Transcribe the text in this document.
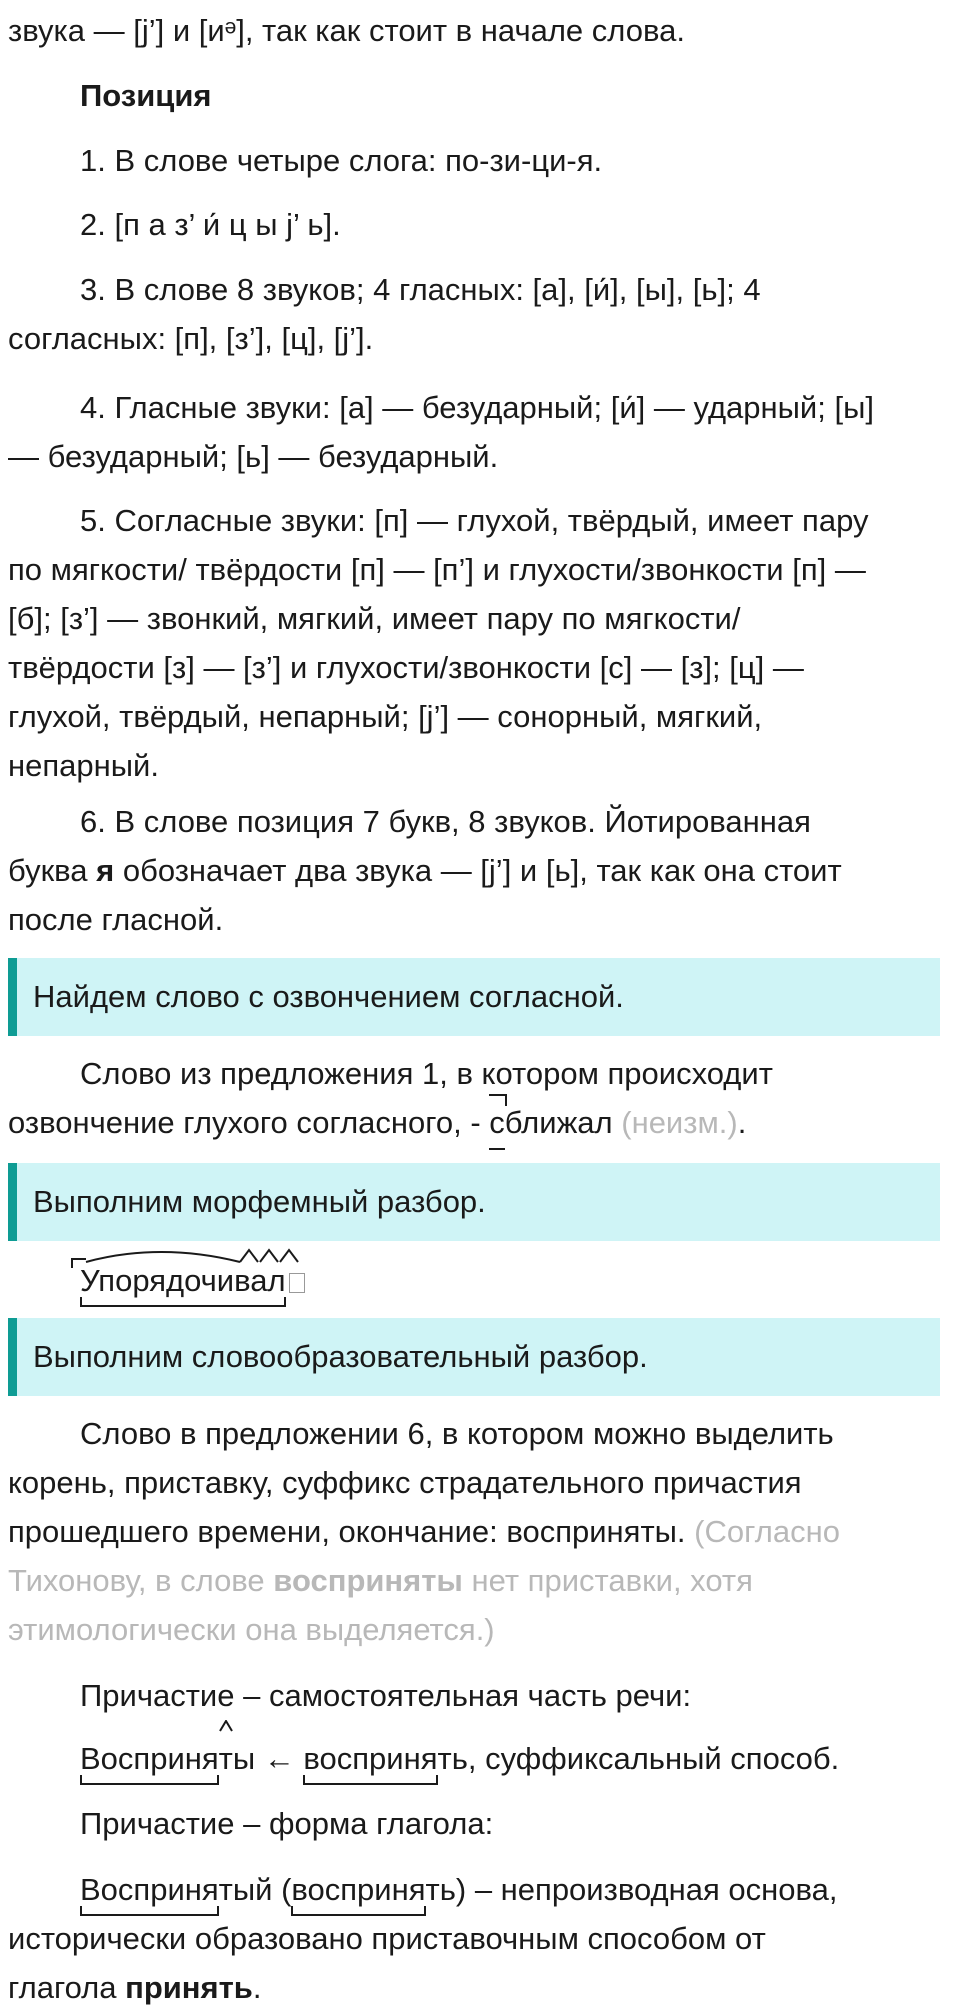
звука — [j’] и [иᵊ], так как стоит в начале слова.

Позиция

1. В слове четыре слога: по-зи-ци-я.

2. [п а з’ и́ ц ы j’ ь].

3. В слове 8 звуков; 4 гласных: [а], [и́], [ы], [ь]; 4

согласных: [п], [з’], [ц], [j’].

4. Гласные звуки: [а] — безударный; [и́] — ударный; [ы]

— безударный; [ь] — безударный.

5. Согласные звуки: [п] — глухой, твёрдый, имеет пару

по мягкости/ твёрдости [п] — [п’] и глухости/звонкости [п] —

[б]; [з’] — звонкий, мягкий, имеет пару по мягкости/

твёрдости [з] — [з’] и глухости/звонкости [с] — [з]; [ц] —

глухой, твёрдый, непарный; [j’] — сонорный, мягкий,

непарный.

6. В слове позиция 7 букв, 8 звуков. Йотированная

буква я обозначает два звука — [j’] и [ь], так как она стоит

после гласной.

Найдем слово с озвончением согласной.

Слово из предложения 1, в котором происходит

озвончение глухого согласного, - сближал (неизм.).

Выполним морфемный разбор.

Упорядочивал

Выполним словообразовательный разбор.

Слово в предложении 6, в котором можно выделить

корень, приставку, суффикс страдательного причастия

прошедшего времени, окончание: восприняты. (Согласно

Тихонову, в слове восприняты нет приставки, хотя

этимологически она выделяется.)

Причастие – самостоятельная часть речи:

Воспринят
ы ← воспринять, суффиксальный способ.

Причастие – форма глагола:

Воспринятый (воспринять) – непроизводная основа,

исторически образовано приставочным способом от

глагола принять.
